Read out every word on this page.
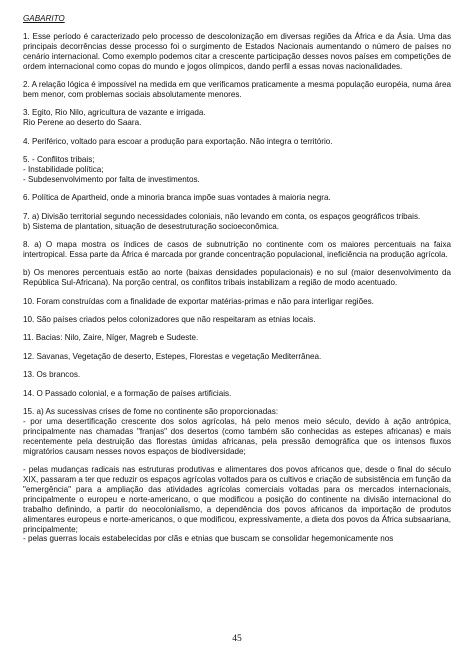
GABARITO
1. Esse período é caracterizado pelo processo de descolonização em diversas regiões da África e da Ásia. Uma das principais decorrências desse processo foi o surgimento de Estados Nacionais aumentando o número de países no cenário internacional. Como exemplo podemos citar a crescente participação desses novos países em competições de ordem internacional como copas do mundo e jogos olímpicos, dando perfil a essas novas nacionalidades.
2. A relação lógica é impossível na medida em que verificamos praticamente a mesma população européia, numa área bem menor, com problemas sociais absolutamente menores.
3. Egito, Rio Nilo, agricultura de vazante e irrigada.
Rio Perene ao deserto do Saara.
4. Periférico, voltado para escoar a produção para exportação. Não integra o território.
5. - Conflitos tribais;
- Instabilidade política;
- Subdesenvolvimento por falta de investimentos.
6. Política de Apartheid, onde a minoria branca impõe suas vontades à maioria negra.
7. a) Divisão territorial segundo necessidades coloniais, não levando em conta, os espaços geográficos tribais.
b) Sistema de plantation, situação de desestruturação socioeconômica.
8. a) O mapa mostra os índices de casos de subnutrição no continente com os maiores percentuais na faixa intertropical. Essa parte da África é marcada por grande concentração populacional, ineficiência na produção agrícola.
b) Os menores percentuais estão ao norte (baixas densidades populacionais) e no sul (maior desenvolvimento da República Sul-Africana). Na porção central, os conflitos tribais instabilizam a região de modo acentuado.
10. Foram construídas com a finalidade de exportar matérias-primas e não para interligar regiões.
10. São países criados pelos colonizadores que não respeitaram as etnias locais.
11. Bacias: Nilo, Zaire, Níger, Magreb e Sudeste.
12. Savanas, Vegetação de deserto, Estepes, Florestas e vegetação Mediterrânea.
13. Os brancos.
14. O Passado colonial, e a formação de países artificiais.
15. a) As sucessivas crises de fome no continente são proporcionadas:
- por uma desertificação crescente dos solos agrícolas, há pelo menos meio século, devido à ação antrópica, principalmente nas chamadas "franjas" dos desertos (como também são conhecidas as estepes africanas) e mais recentemente pela destruição das florestas úmidas africanas, pela pressão demográfica que os intensos fluxos migratórios causam nesses novos espaços de biodiversidade;
- pelas mudanças radicais nas estruturas produtivas e alimentares dos povos africanos que, desde o final do século XIX, passaram a ter que reduzir os espaços agrícolas voltados para os cultivos e criação de subsistência em função da "emergência" para a ampliação das atividades agrícolas comerciais voltadas para os mercados internacionais, principalmente o europeu e norte-americano, o que modificou a posição do continente na divisão internacional do trabalho definindo, a partir do neocolonialismo, a dependência dos povos africanos da importação de produtos alimentares europeus e norte-americanos, o que modificou, expressivamente, a dieta dos povos da África subsaariana, principalmente;
- pelas guerras locais estabelecidas por clãs e etnias que buscam se consolidar hegemonicamente nos
45
